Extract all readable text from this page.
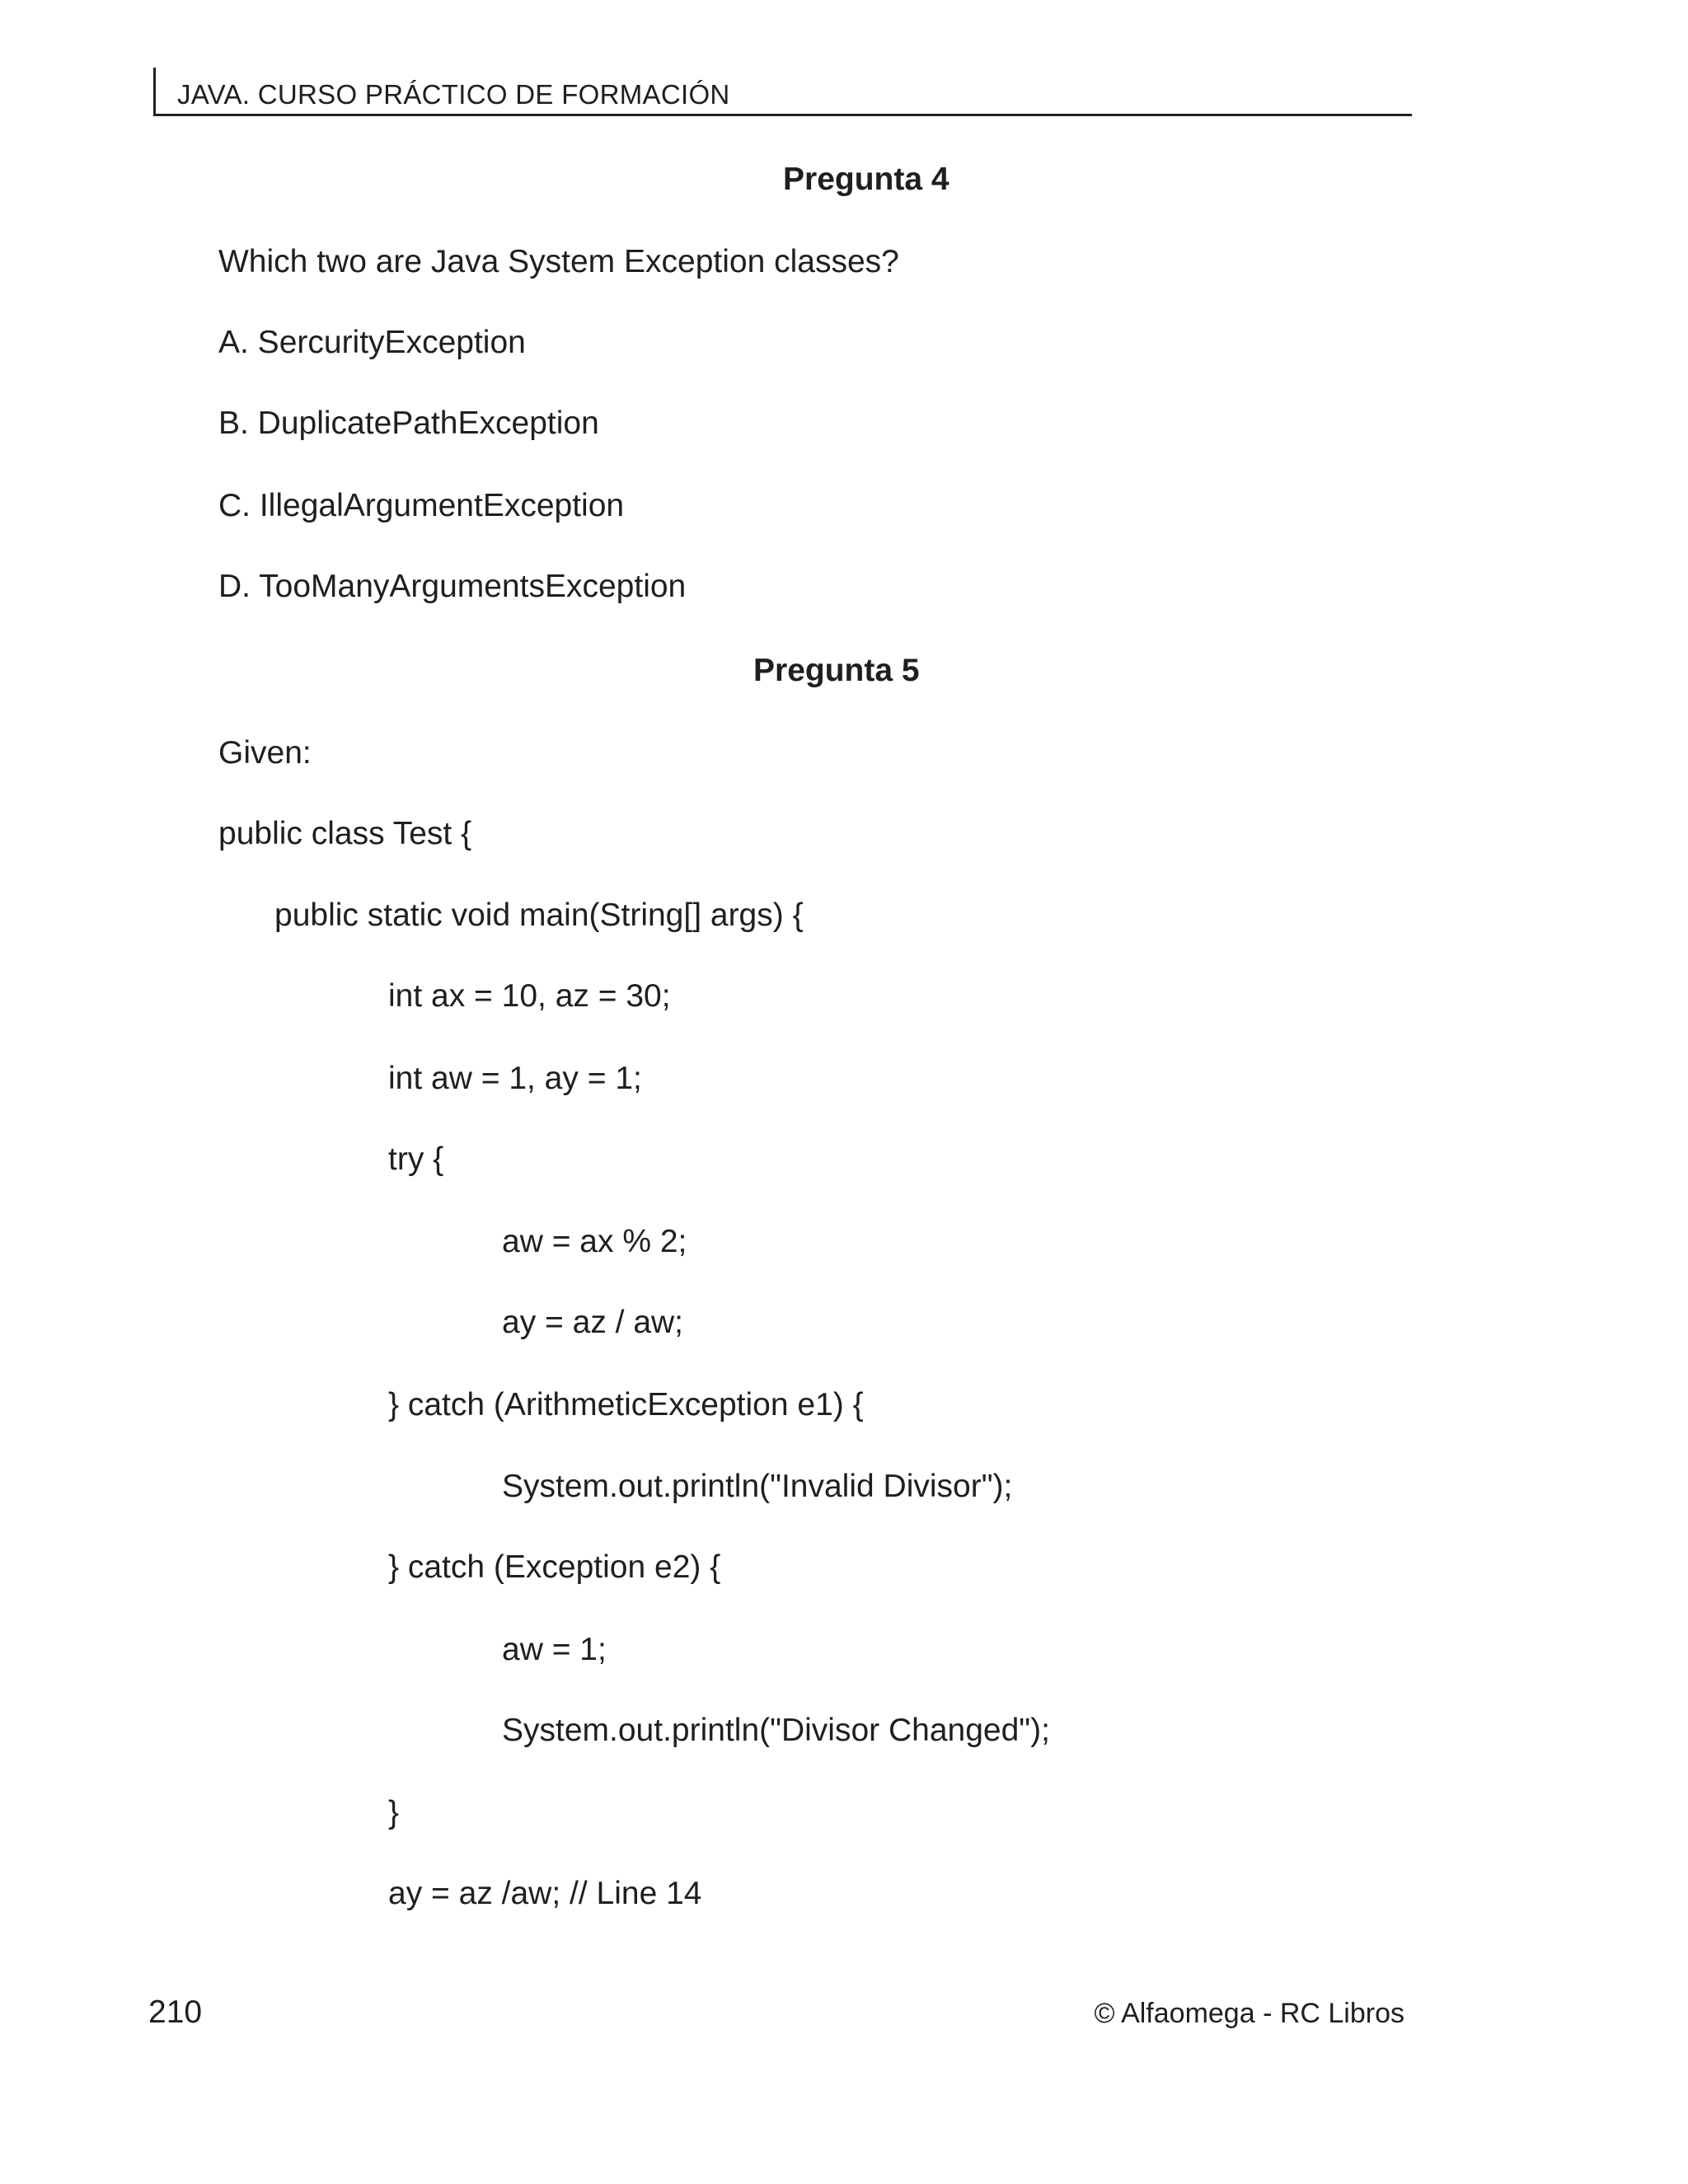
JAVA. CURSO PRÁCTICO DE FORMACIÓN
Pregunta 4
Which two are Java System Exception classes?
A. SercurityException
B. DuplicatePathException
C. IllegalArgumentException
D. TooManyArgumentsException
Pregunta 5
Given:
public class Test {
public static void main(String[] args) {
int ax = 10, az = 30;
int aw = 1, ay = 1;
try {
aw = ax % 2;
ay = az / aw;
} catch (ArithmeticException e1) {
System.out.println("Invalid Divisor");
} catch (Exception e2) {
aw = 1;
System.out.println("Divisor Changed");
}
ay = az /aw; // Line 14
210	© Alfaomega - RC Libros
